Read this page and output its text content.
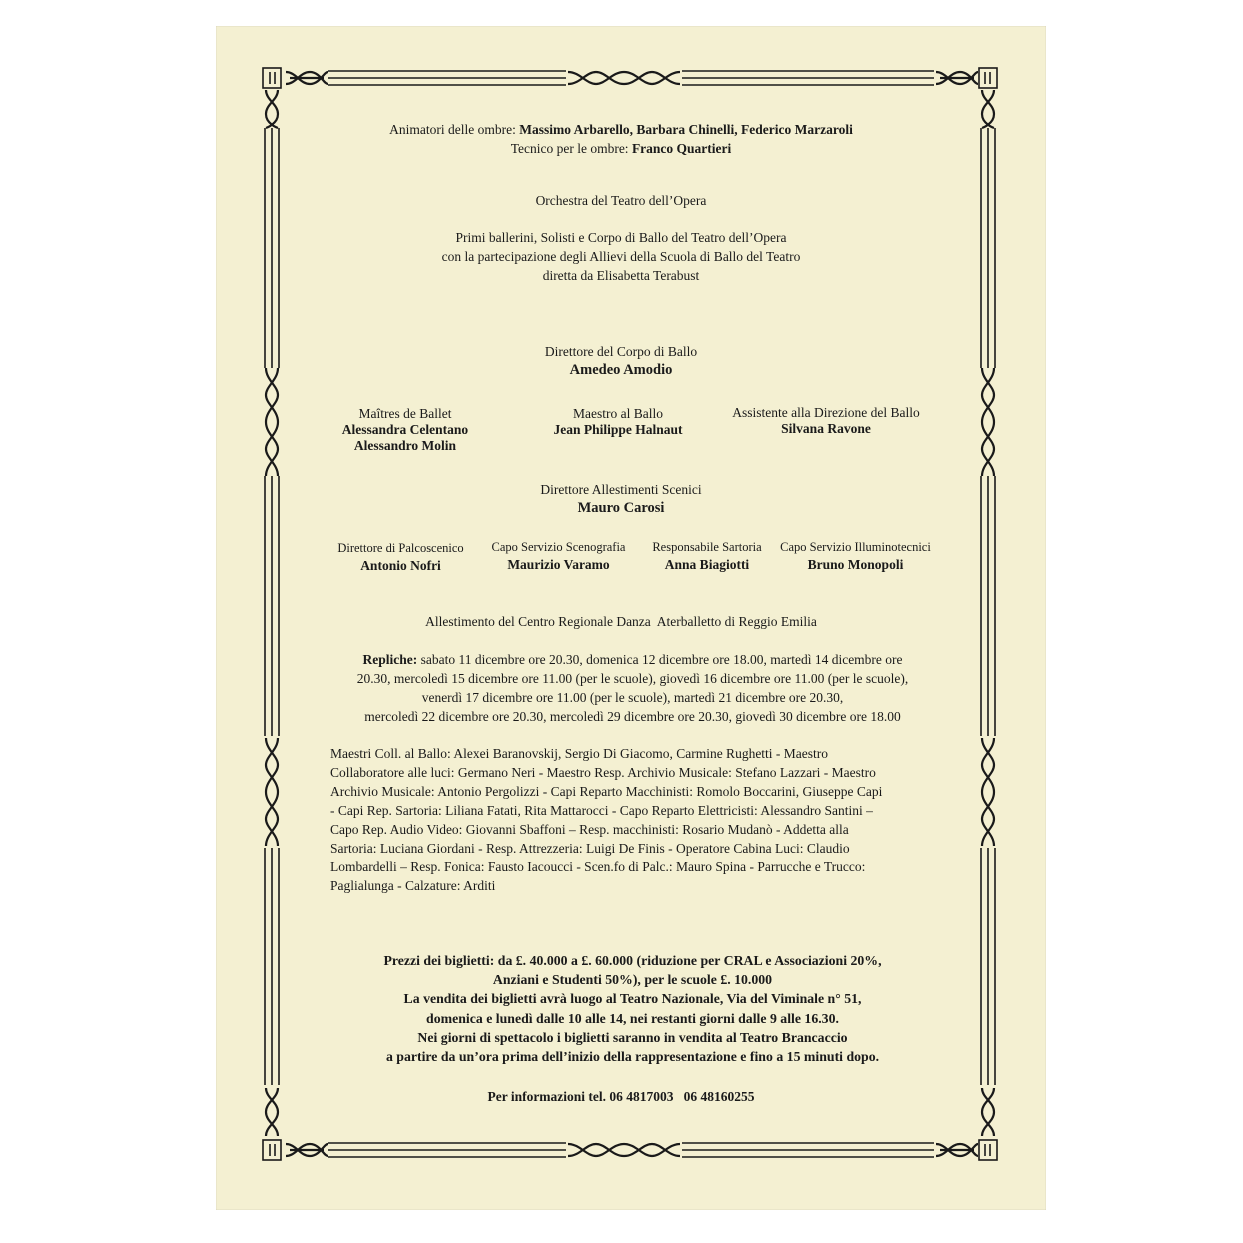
Animatori delle ombre: Massimo Arbarello, Barbara Chinelli, Federico Marzaroli
Tecnico per le ombre: Franco Quartieri
Orchestra del Teatro dell’Opera
Primi ballerini, Solisti e Corpo di Ballo del Teatro dell’Opera
con la partecipazione degli Allievi della Scuola di Ballo del Teatro
diretta da Elisabetta Terabust
Direttore del Corpo di Ballo
Amedeo Amodio
Maîtres de Ballet
Alessandra Celentano
Alessandro Molin
Maestro al Ballo
Jean Philippe Halnaut
Assistente alla Direzione del Ballo
Silvana Ravone
Direttore Allestimenti Scenici
Mauro Carosi
Direttore di Palcoscenico
Antonio Nofri
Capo Servizio Scenografia
Maurizio Varamo
Responsabile Sartoria
Anna Biagiotti
Capo Servizio Illuminotecnici
Bruno Monopoli
Allestimento del Centro Regionale Danza  Aterballetto di Reggio Emilia
Repliche: sabato 11 dicembre ore 20.30, domenica 12 dicembre ore 18.00, martedì 14 dicembre ore
20.30, mercoledì 15 dicembre ore 11.00 (per le scuole), giovedì 16 dicembre ore 11.00 (per le scuole),
venerdì 17 dicembre ore 11.00 (per le scuole), martedì 21 dicembre ore 20.30,
mercoledì 22 dicembre ore 20.30, mercoledì 29 dicembre ore 20.30, giovedì 30 dicembre ore 18.00
Maestri Coll. al Ballo: Alexei Baranovskij, Sergio Di Giacomo, Carmine Rughetti - Maestro
Collaboratore alle luci: Germano Neri - Maestro Resp. Archivio Musicale: Stefano Lazzari - Maestro
Archivio Musicale: Antonio Pergolizzi - Capi Reparto Macchinisti: Romolo Boccarini, Giuseppe Capi
- Capi Rep. Sartoria: Liliana Fatati, Rita Mattarocci - Capo Reparto Elettricisti: Alessandro Santini –
Capo Rep. Audio Video: Giovanni Sbaffoni – Resp. macchinisti: Rosario Mudanò - Addetta alla
Sartoria: Luciana Giordani - Resp. Attrezzeria: Luigi De Finis - Operatore Cabina Luci: Claudio
Lombardelli – Resp. Fonica: Fausto Iacoucci - Scen.fo di Palc.: Mauro Spina - Parrucche e Trucco:
Paglialunga - Calzature: Arditi
Prezzi dei biglietti: da £. 40.000 a £. 60.000 (riduzione per CRAL e Associazioni 20%,
Anziani e Studenti 50%), per le scuole £. 10.000
La vendita dei biglietti avrà luogo al Teatro Nazionale, Via del Viminale n° 51,
domenica e lunedì dalle 10 alle 14, nei restanti giorni dalle 9 alle 16.30.
Nei giorni di spettacolo i biglietti saranno in vendita al Teatro Brancaccio
a partire da un’ora prima dell’inizio della rappresentazione e fino a 15 minuti dopo.
Per informazioni tel. 06 4817003   06 48160255
